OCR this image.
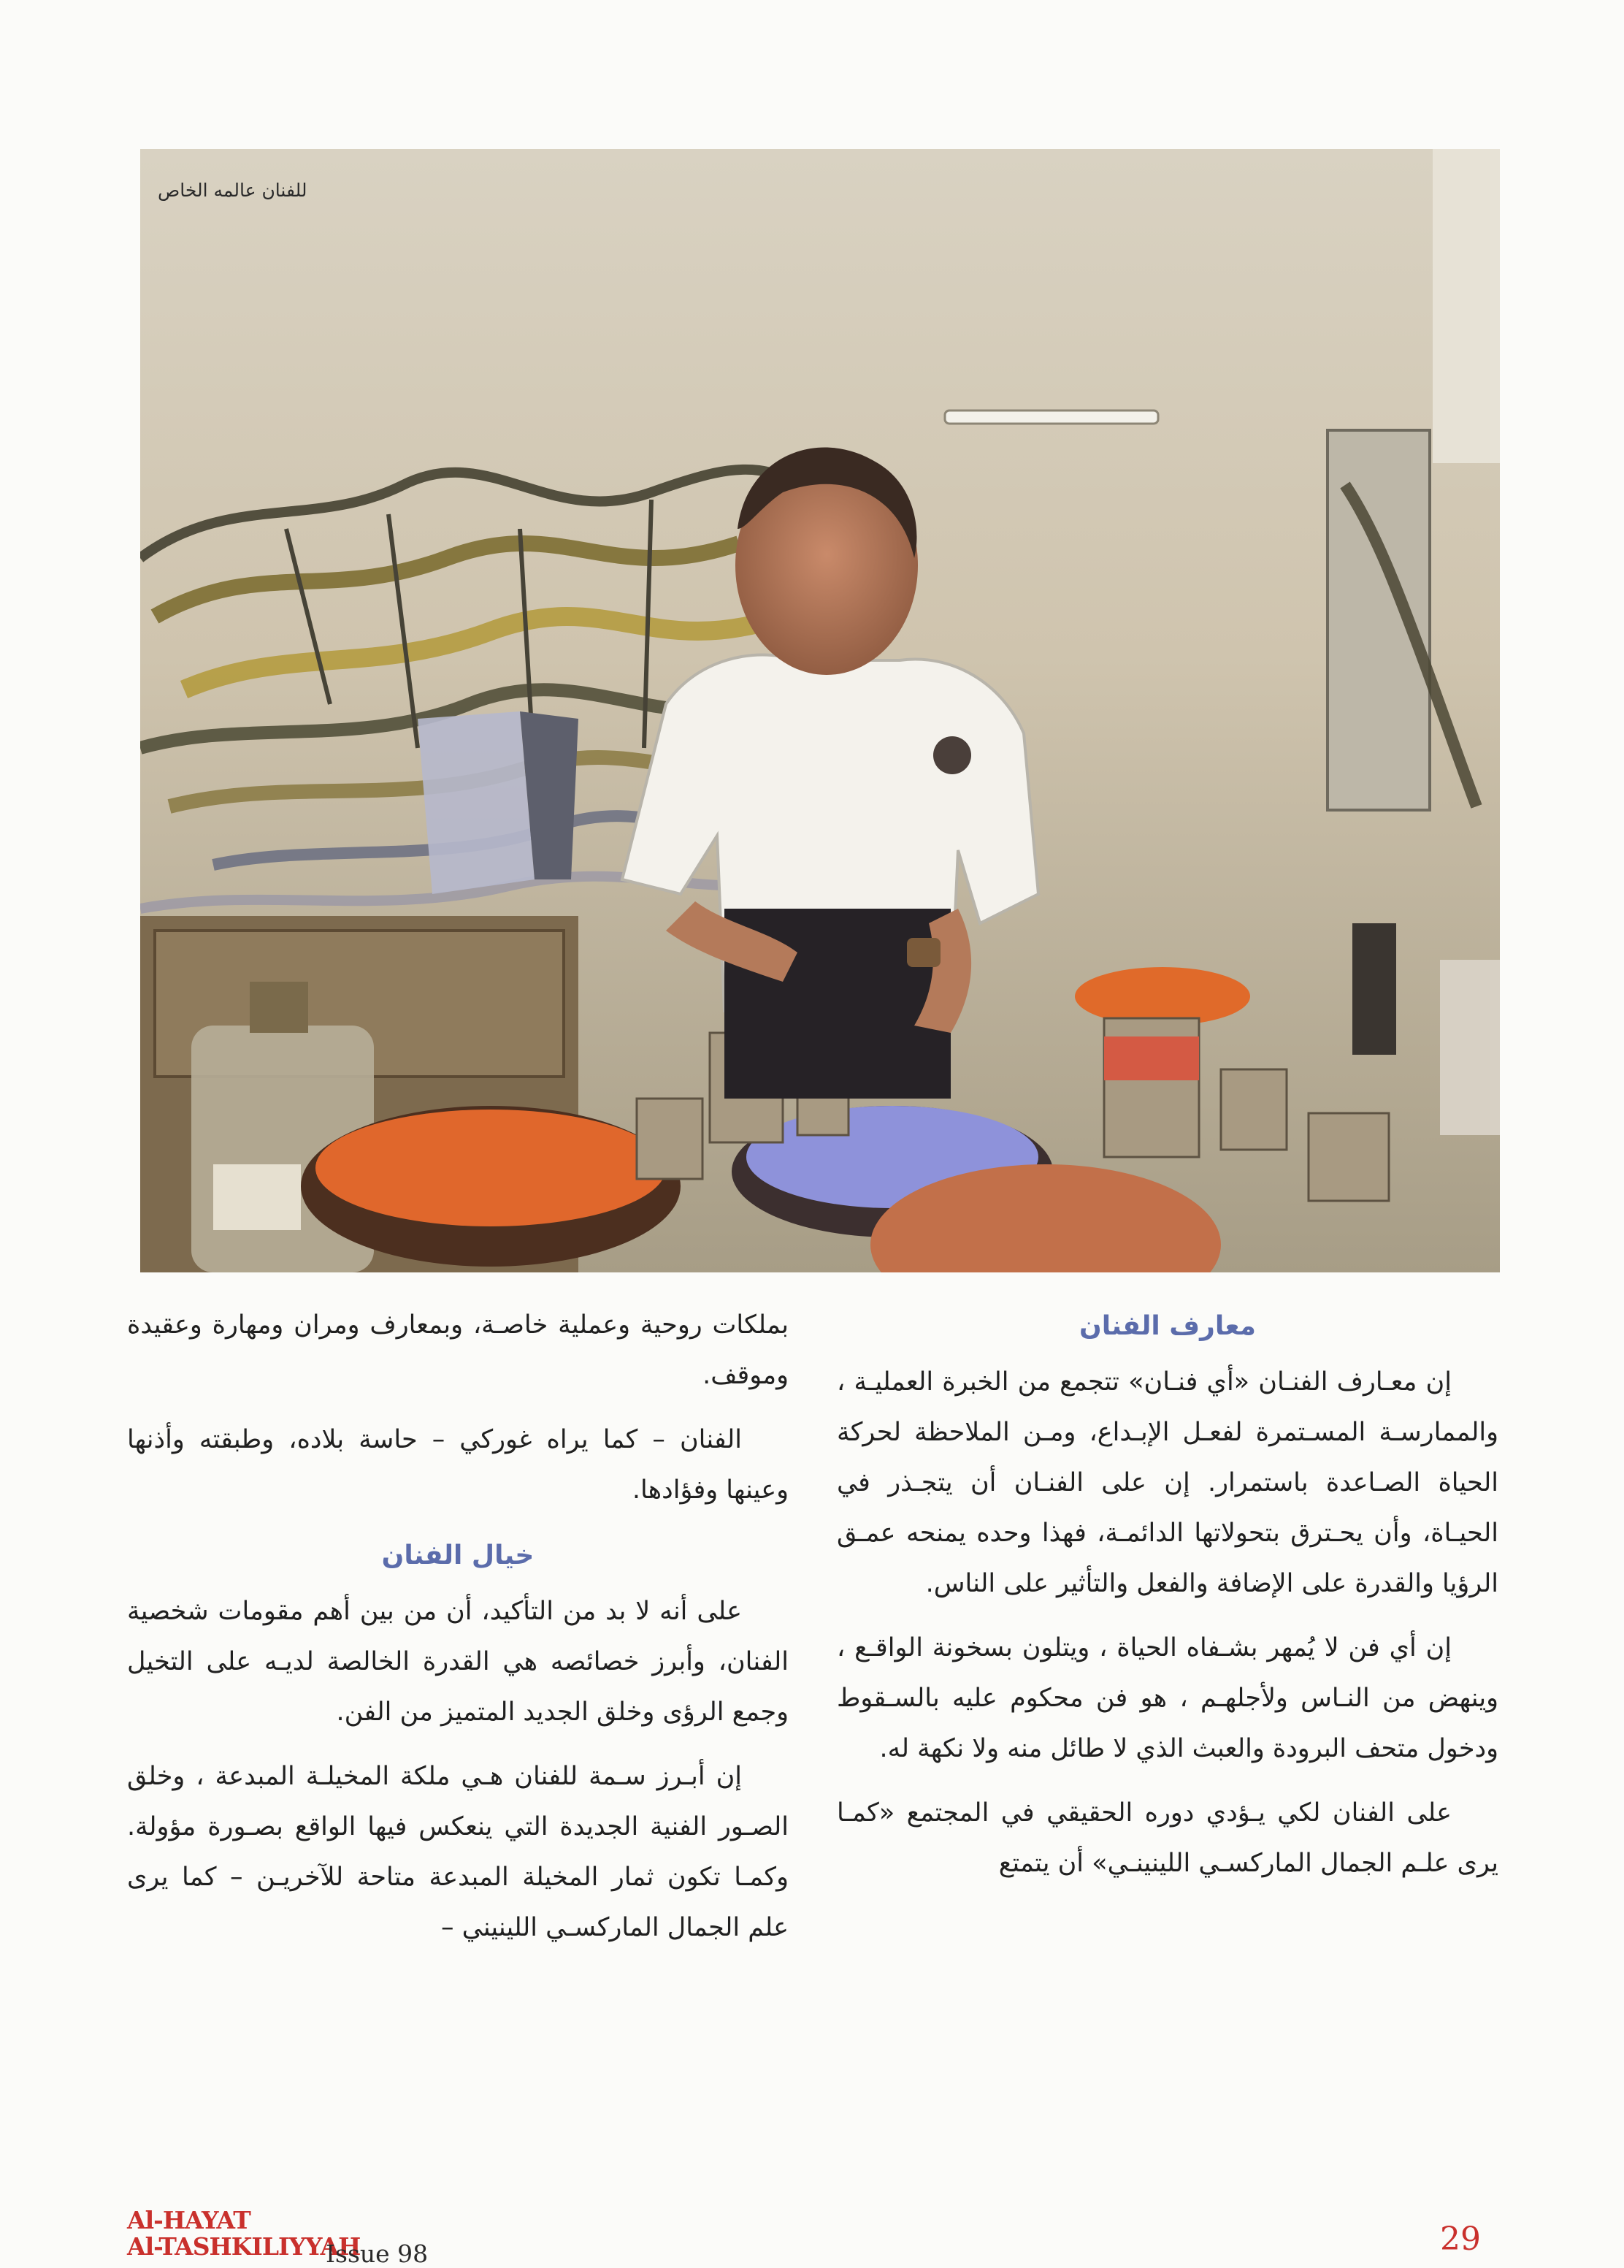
للفنان عالمه الخاص
معارف الفنان

إن معـارف الفنـان «أي فنـان» تتجمع من الخبرة العمليـة ، والممارسـة المسـتمرة لفعـل الإبـداع، ومـن الملاحظة لحركة الحياة الصـاعدة باستمرار. إن على الفنـان أن يتجـذر في الحيـاة، وأن يحـترق بتحولاتها الدائمـة، فهذا وحده يمنحه عمـق الرؤيا والقدرة على الإضافة والفعل والتأثير على الناس.

إن أي فن لا يُمهر بشـفاه الحياة ، ويتلون بسخونة الواقـع ، وينهض من النـاس ولأجلهـم ، هو فن محكوم عليه بالسـقوط ودخول متحف البرودة والعبث الذي لا طائل منه ولا نكهة له.

على الفنان لكي يـؤدي دوره الحقيقي في المجتمع «كمـا يرى علـم الجمال الماركسـي اللينينـي» أن يتمتع

بملكات روحية وعملية خاصـة، وبمعارف ومران ومهارة وعقيدة وموقف.

الفنان – كما يراه غوركي – حاسة بلاده، وطبقته وأذنها وعينها وفؤادها.

خيال الفنان

على أنه لا بد من التأكيد، أن من بين أهم مقومات شخصية الفنان، وأبرز خصائصه هي القدرة الخالصة لديـه على التخيل وجمع الرؤى وخلق الجديد المتميز من الفن.

إن أبـرز سـمة للفنان هـي ملكة المخيلـة المبدعة ، وخلق الصـور الفنية الجديدة التي ينعكس فيها الواقع بصـورة مؤولة. وكمـا تكون ثمار المخيلة المبدعة متاحة للآخريـن – كما يرى علم الجمال الماركسـي اللينيني –

Al-HAYAT
Al-TASHKILIYYAH
Issue 98	29
